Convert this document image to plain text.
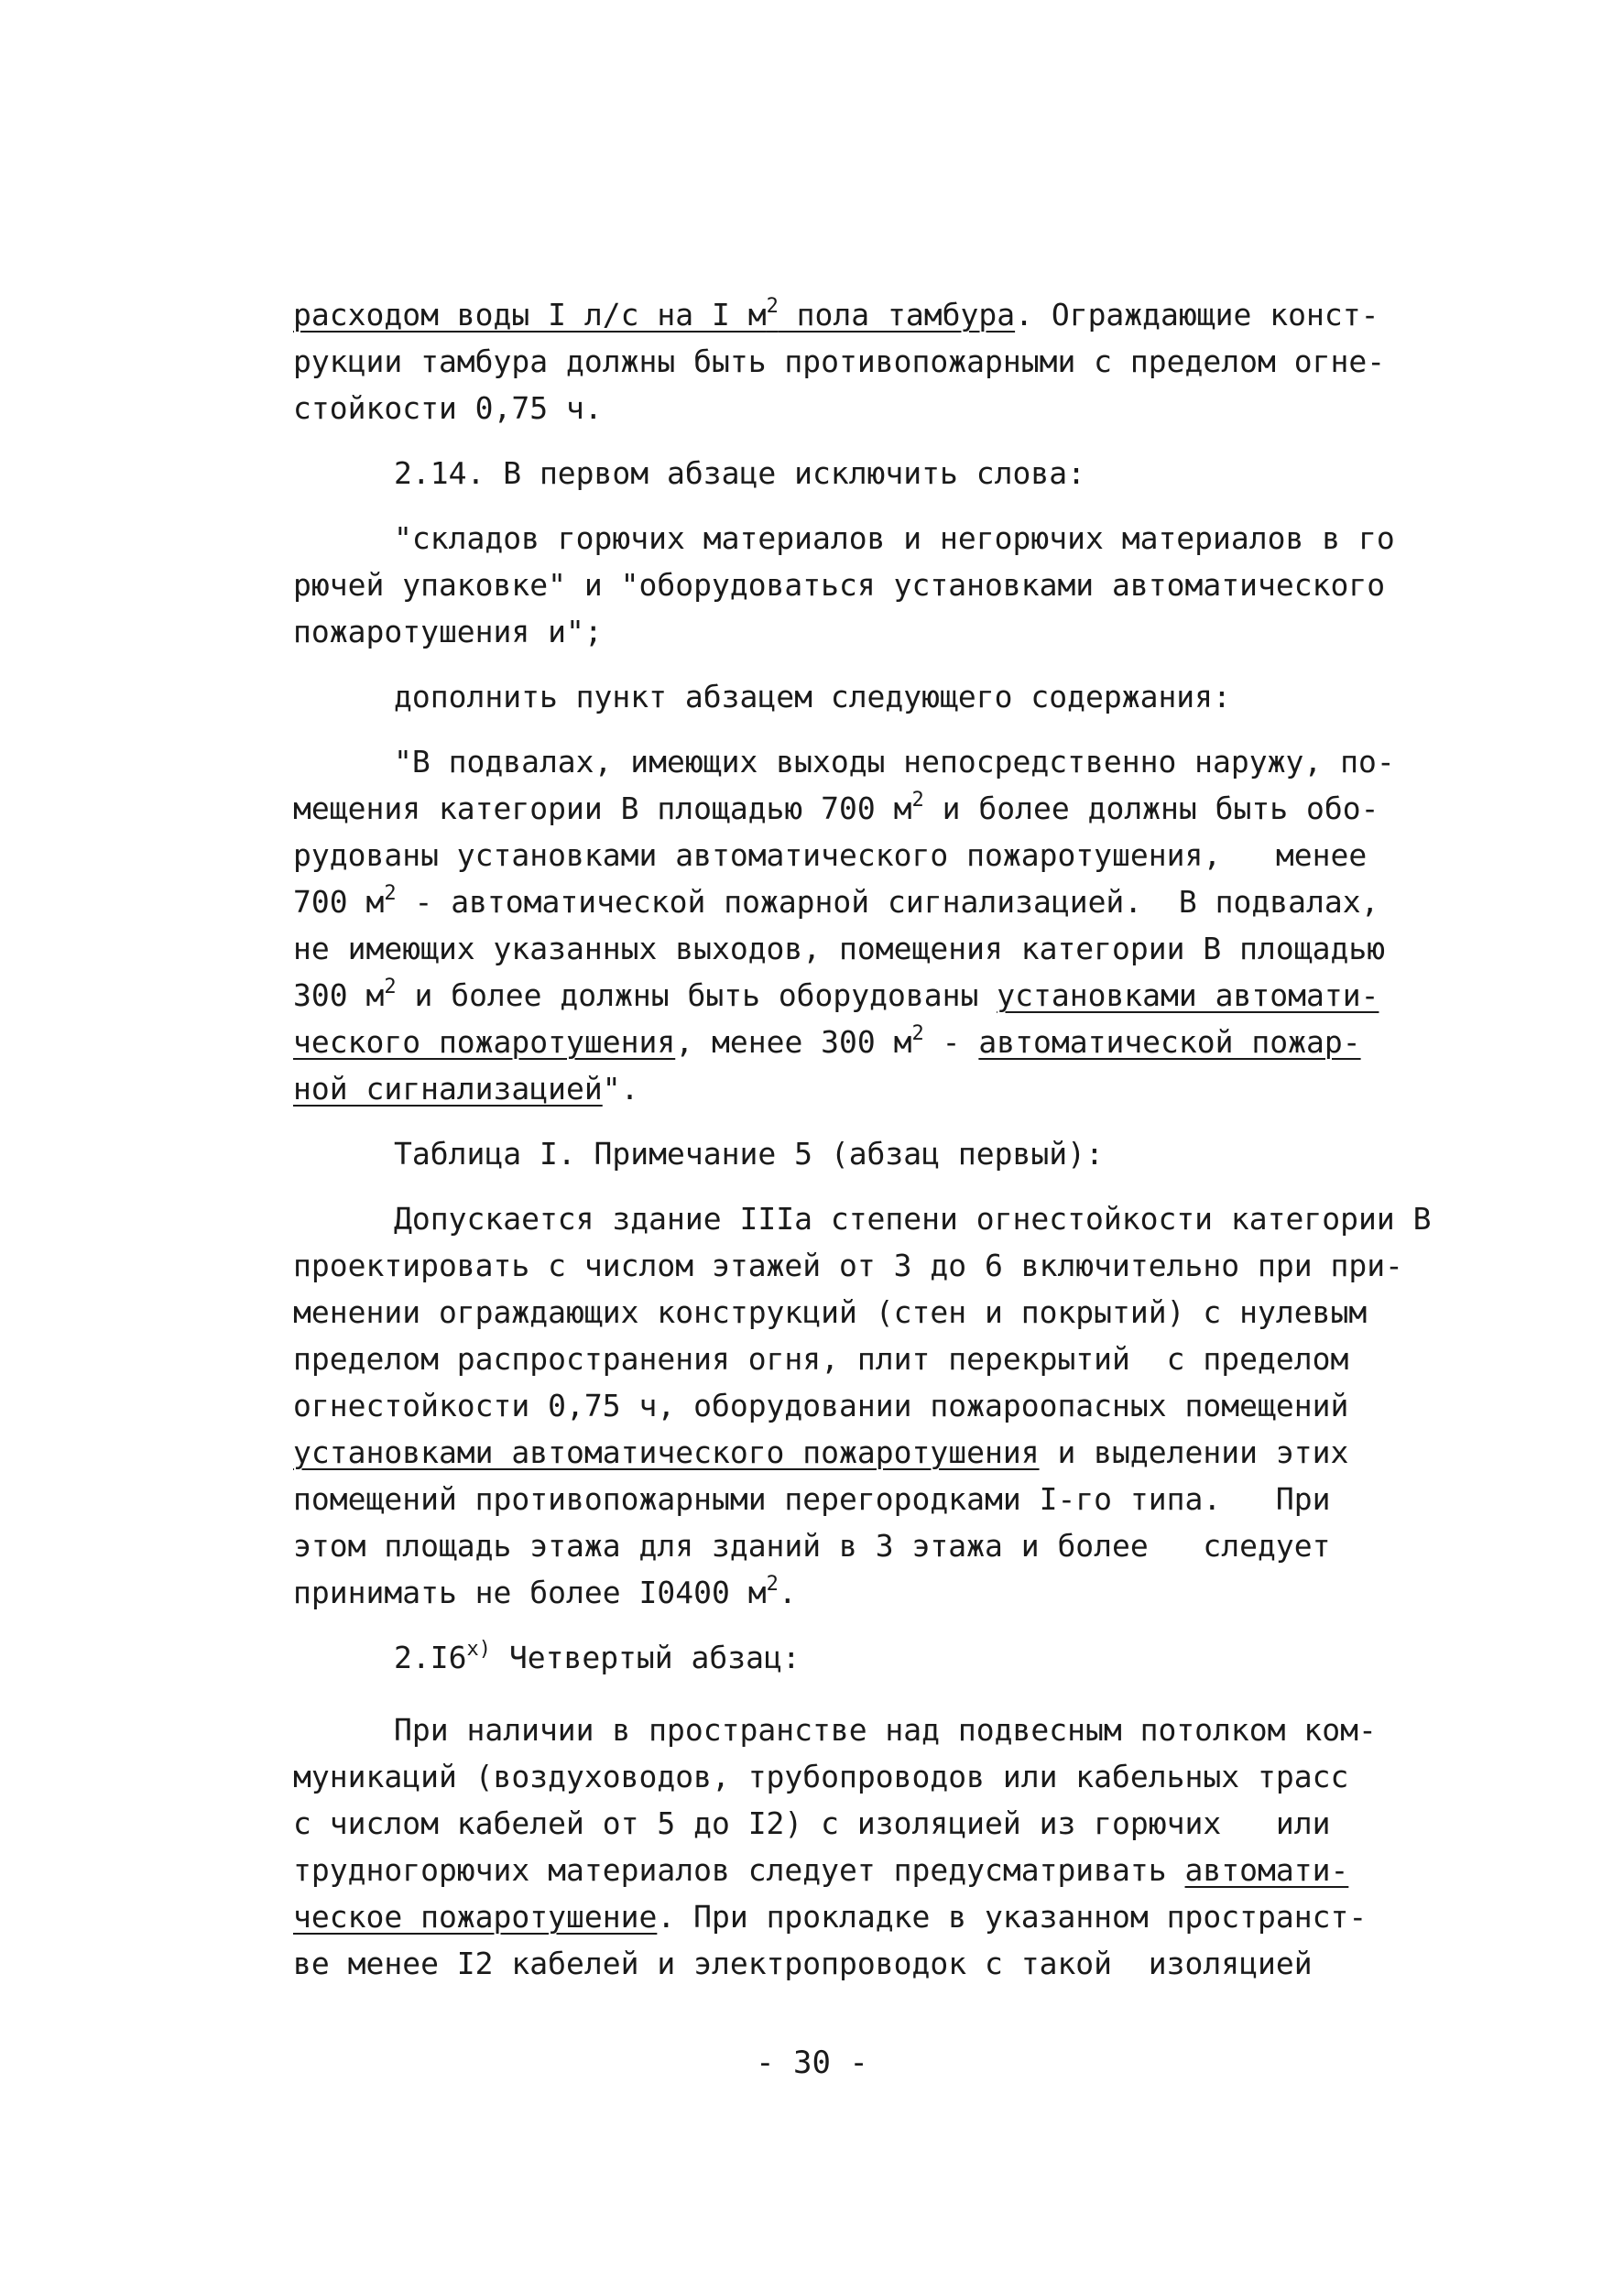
расходом воды I л/с на I $м^2$ пола тамбура. Ограждающие конст-
рукции тамбура должны быть противопожарными с пределом огне-
стойкости 0,75 ч.
2.14. В первом абзаце исключить слова:
"складов горючих материалов и негорючих материалов в го
рючей упаковке" и "оборудоваться установками автоматического
пожаротушения и";
дополнить пункт абзацем следующего содержания:
"В подвалах, имеющих выходы непосредственно наружу, по-
мещения категории В площадью 700 $м^2$ и более должны быть обо-
рудованы установками автоматического пожаротушения,   менее
700 $м^2$ - автоматической пожарной сигнализацией.  В подвалах,
не имеющих указанных выходов, помещения категории В площадью
300 $м^2$ и более должны быть оборудованы установками автомати-
ческого пожаротушения, менее 300 $м^2$ - автоматической пожар-
ной сигнализацией".
Таблица I. Примечание 5 (абзац первый):
Допускается здание IIIа степени огнестойкости категории В
проектировать с числом этажей от 3 до 6 включительно при при-
менении ограждающих конструкций (стен и покрытий) с нулевым
пределом распространения огня, плит перекрытий  с пределом
огнестойкости 0,75 ч, оборудовании пожароопасных помещений
установками автоматического пожаротушения и выделении этих
помещений противопожарными перегородками I-го типа.   При
этом площадь этажа для зданий в 3 этажа и более   следует
принимать не более I0400 $м^2$.
$2.I6^{х)}$ Четвертый абзац:
При наличии в пространстве над подвесным потолком ком-
муникаций (воздуховодов, трубопроводов или кабельных трасс
с числом кабелей от 5 до I2) с изоляцией из горючих   или
трудногорючих материалов следует предусматривать автомати-
ческое пожаротушение. При прокладке в указанном пространст-
ве менее I2 кабелей и электропроводок с такой  изоляцией
- 30 -
